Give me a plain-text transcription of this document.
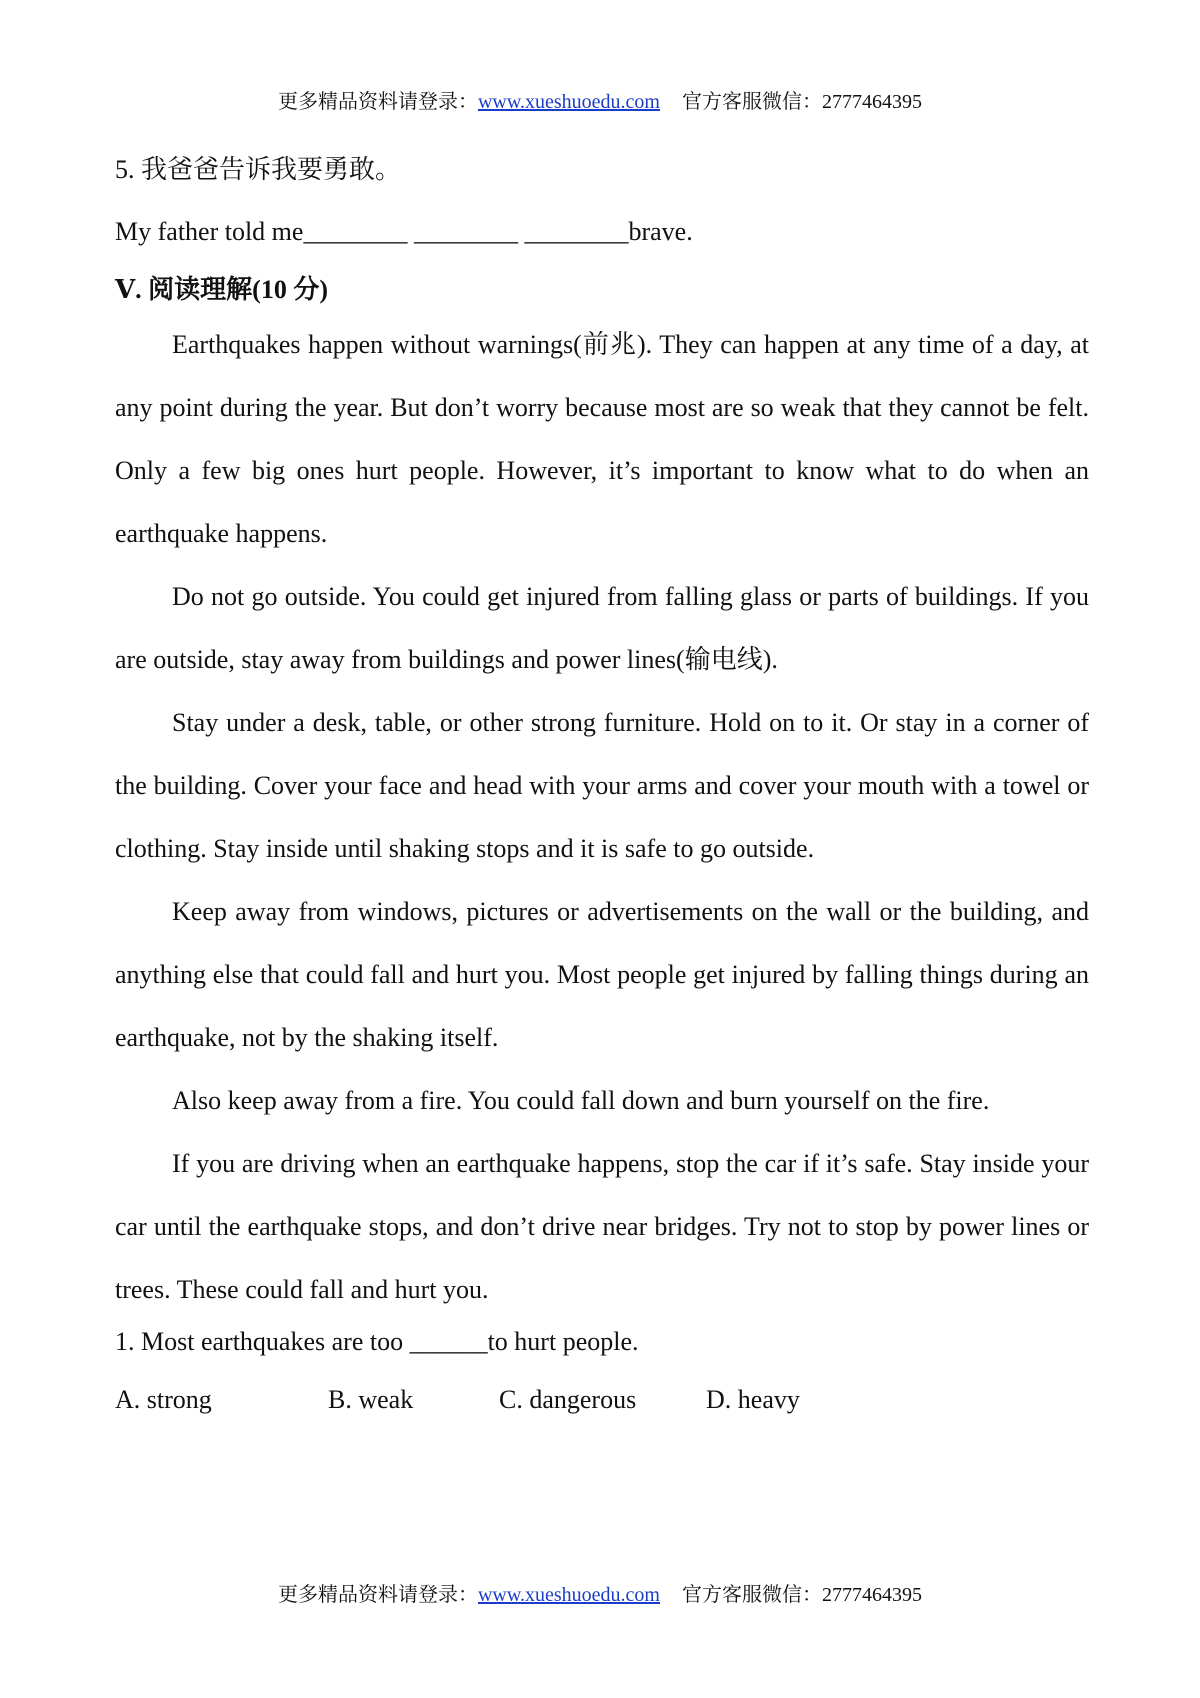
更多精品资料请登录：www.xueshuoedu.com 官方客服微信：2777464395

5. 我爸爸告诉我要勇敢。

My father told me________ ________ ________brave.

Ⅴ. 阅读理解(10 分)

Earthquakes happen without warnings(前兆). They can happen at any time of a day, at any point during the year. But don’t worry because most are so weak that they cannot be felt. Only a few big ones hurt people. However, it’s important to know what to do when an earthquake happens.

Do not go outside. You could get injured from falling glass or parts of buildings. If you are outside, stay away from buildings and power lines(输电线).

Stay under a desk, table, or other strong furniture. Hold on to it. Or stay in a corner of the building. Cover your face and head with your arms and cover your mouth with a towel or clothing. Stay inside until shaking stops and it is safe to go outside.

Keep away from windows, pictures or advertisements on the wall or the building, and anything else that could fall and hurt you. Most people get injured by falling things during an earthquake, not by the shaking itself.

Also keep away from a fire. You could fall down and burn yourself on the fire.

If you are driving when an earthquake happens, stop the car if it’s safe. Stay inside your car until the earthquake stops, and don’t drive near bridges. Try not to stop by power lines or trees. These could fall and hurt you.

1. Most earthquakes are too ______to hurt people.

A. strong	B. weak	C. dangerous	D. heavy
更多精品资料请登录：www.xueshuoedu.com 官方客服微信：2777464395
